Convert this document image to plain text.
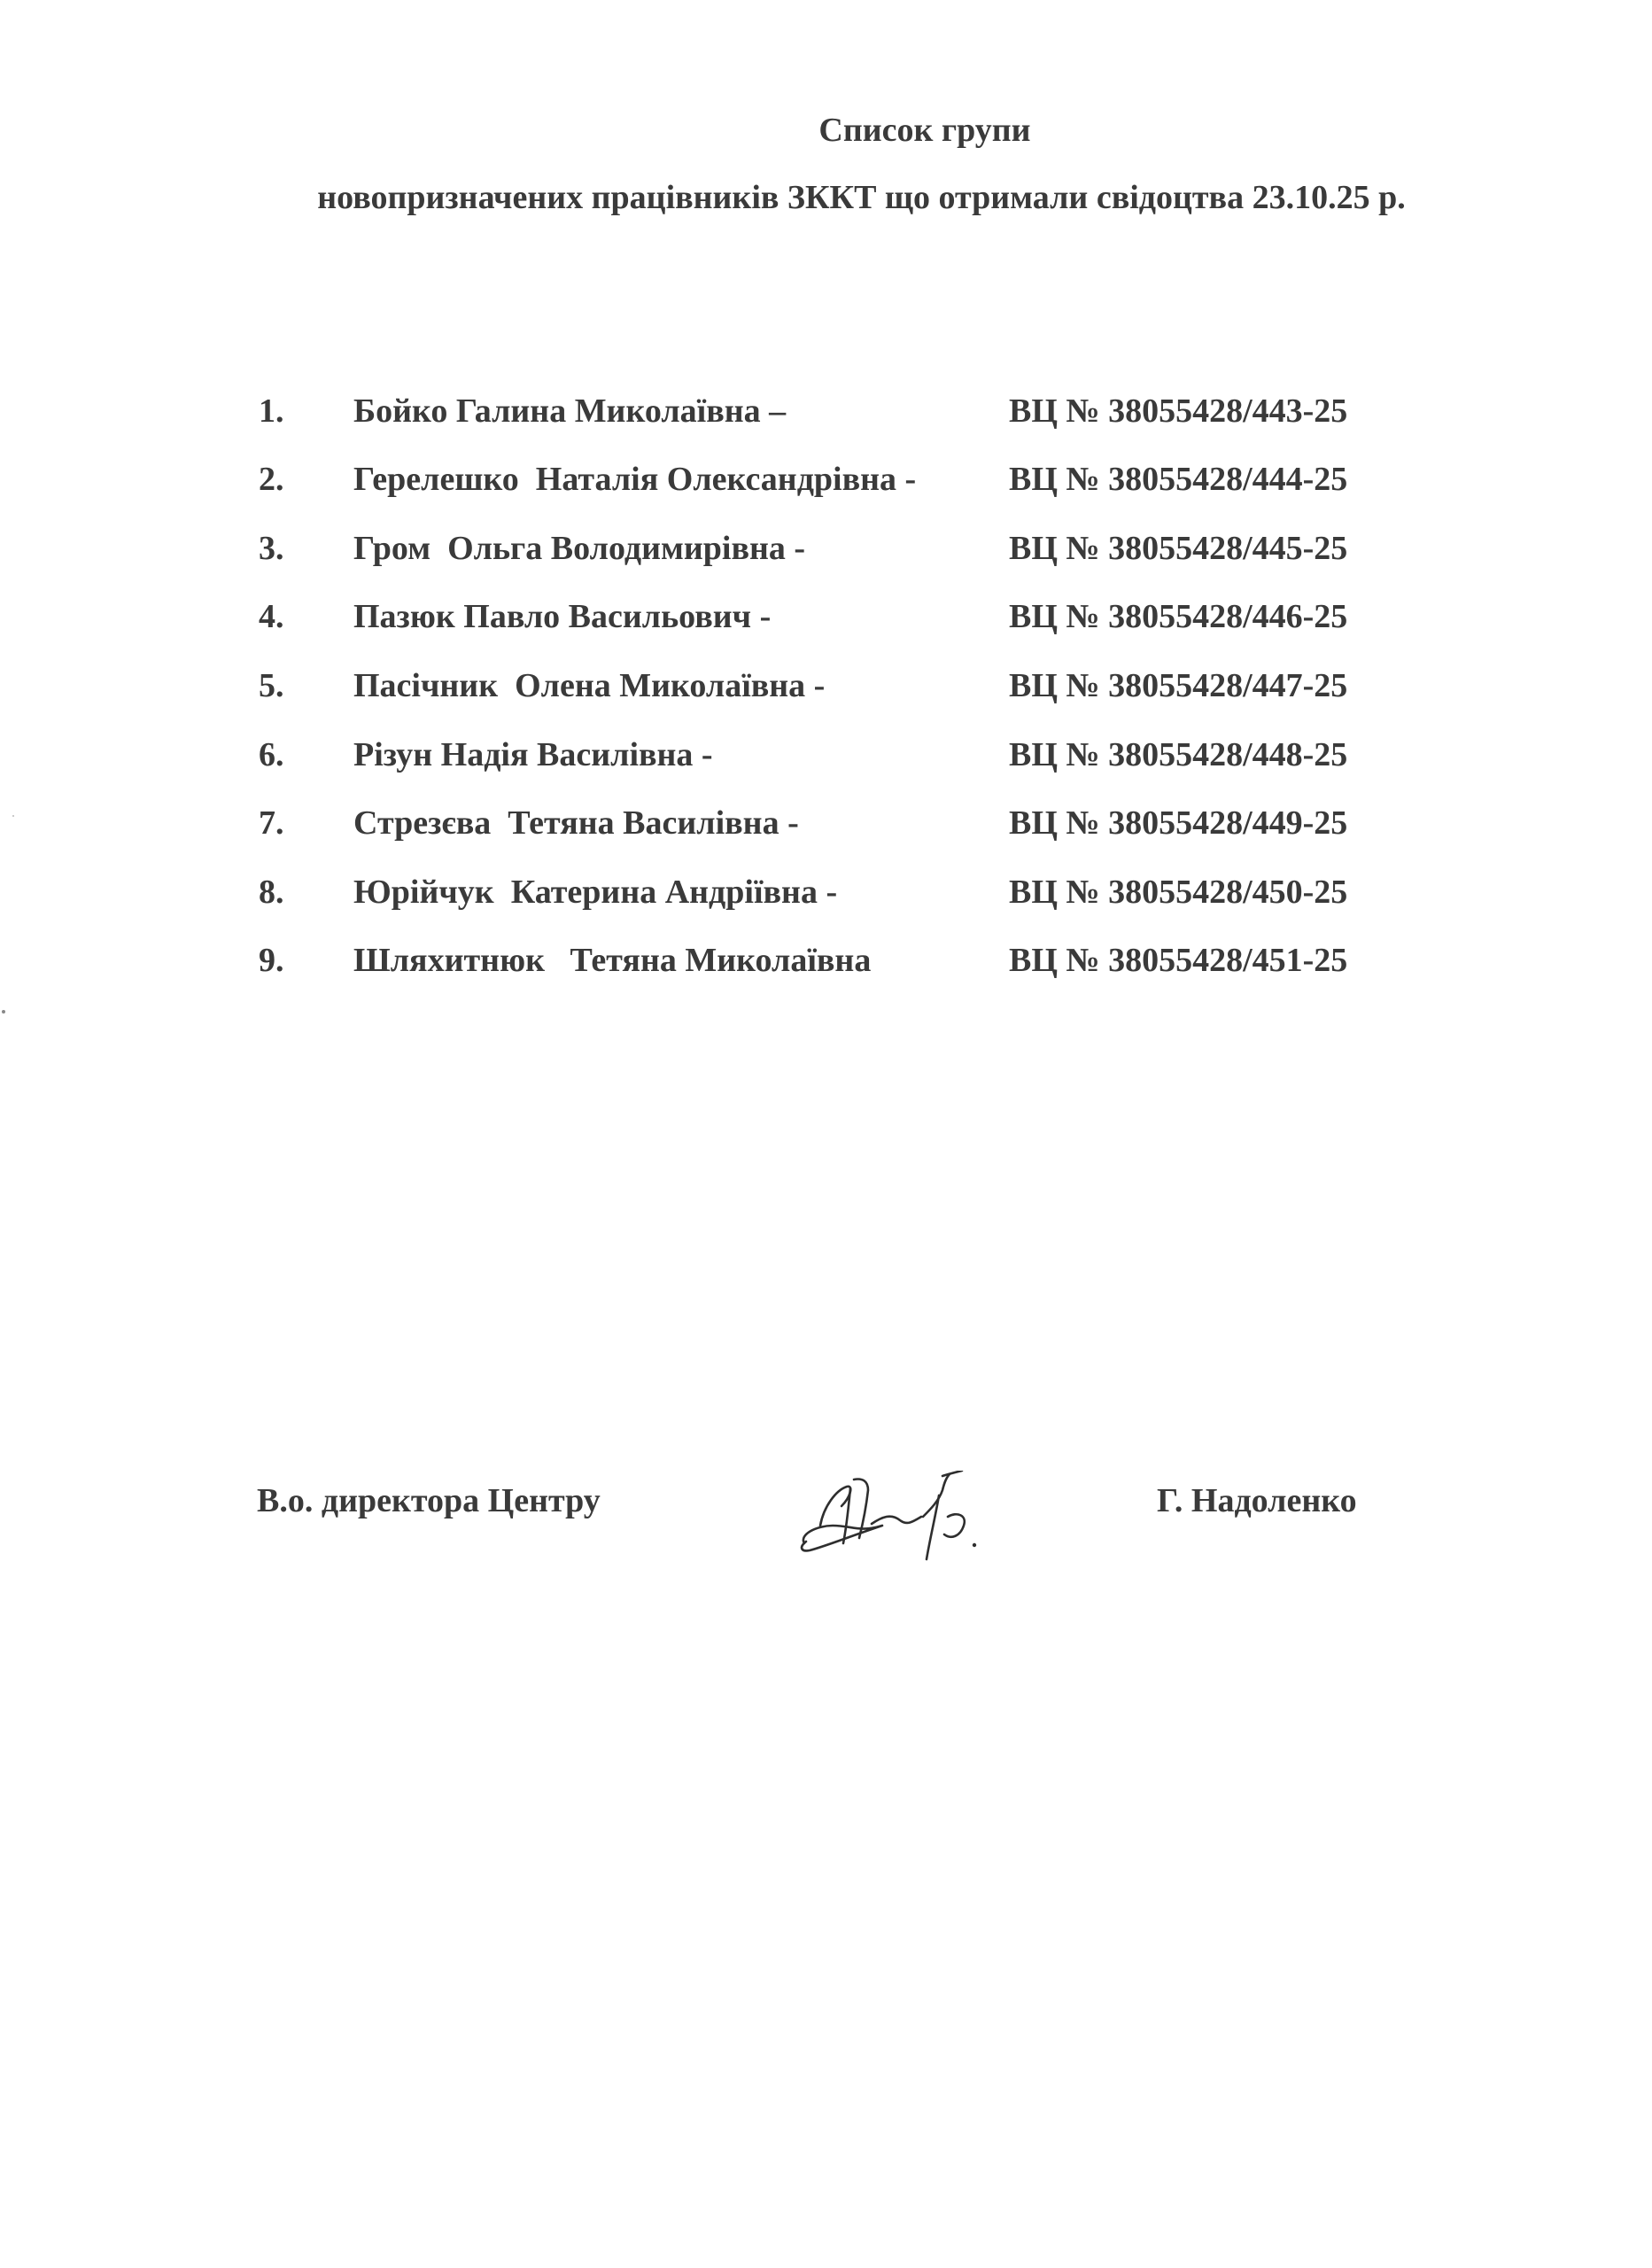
Список групи
новопризначених працівників ЗККТ що отримали свідоцтва 23.10.25 р.
1. Бойко Галина Миколаївна –	ВЦ № 38055428/443-25
2. Герелешко  Наталія Олександрівна -	ВЦ № 38055428/444-25
3. Гром  Ольга Володимирівна -	ВЦ № 38055428/445-25
4. Пазюк Павло Васильович -	ВЦ № 38055428/446-25
5. Пасічник  Олена Миколаївна -	ВЦ № 38055428/447-25
6. Різун Надія Василівна -	ВЦ № 38055428/448-25
7. Стрезєва  Тетяна Василівна -	ВЦ № 38055428/449-25
8. Юрійчук  Катерина Андріївна -	ВЦ № 38055428/450-25
9. Шляхитнюк   Тетяна Миколаївна	ВЦ № 38055428/451-25
В.о. директора Центру	Г. Надоленко
